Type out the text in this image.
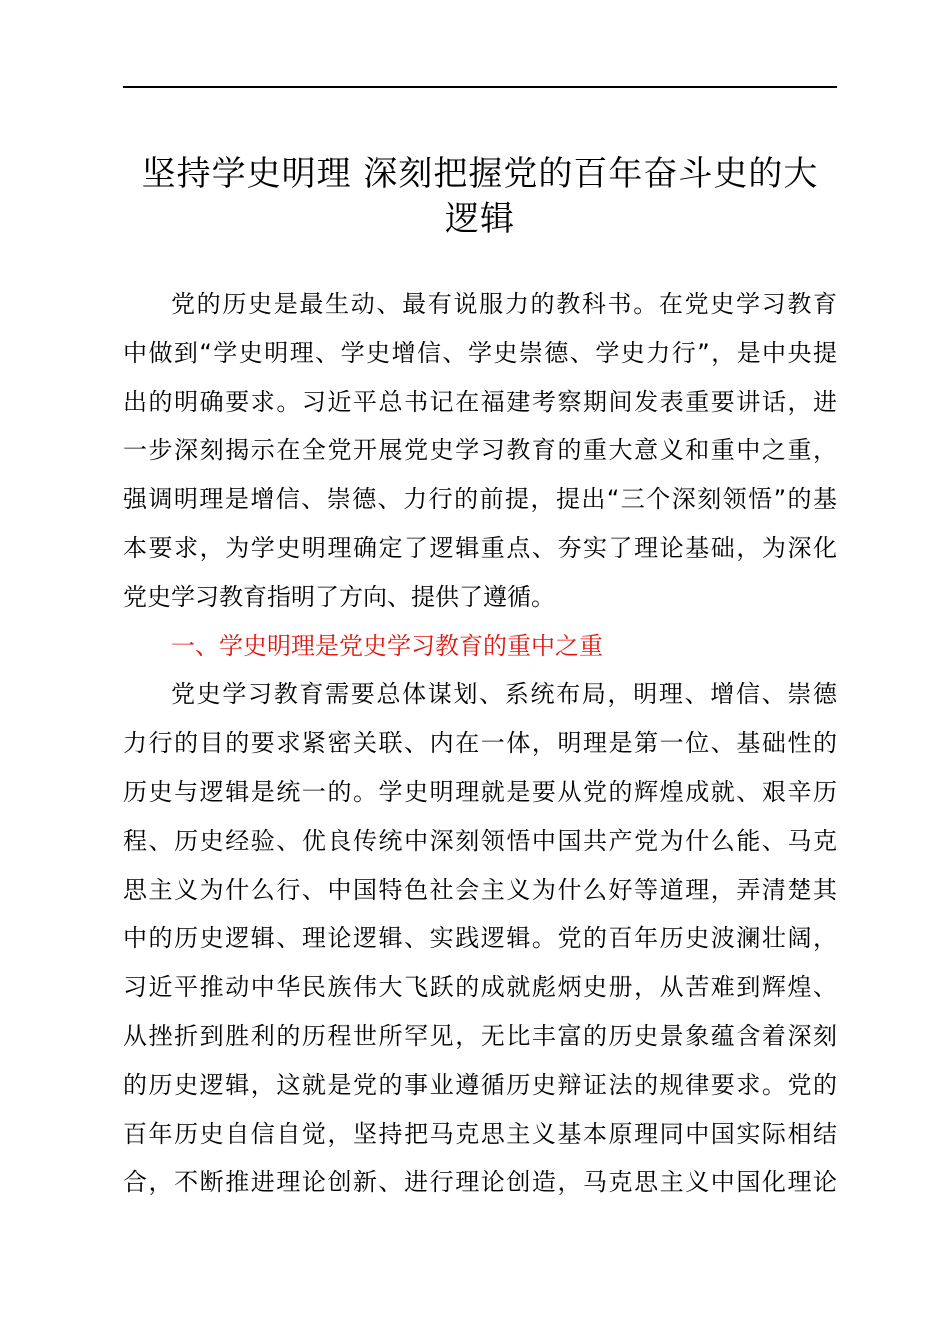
坚持学史明理 深刻把握党的百年奋斗史的大
逻辑
党的历史是最生动、最有说服力的教科书。在党史学习教育
中做到“学史明理、学史增信、学史崇德、学史力行”，是中央提
出的明确要求。习近平总书记在福建考察期间发表重要讲话，进
一步深刻揭示在全党开展党史学习教育的重大意义和重中之重，
强调明理是增信、崇德、力行的前提，提出“三个深刻领悟”的基
本要求，为学史明理确定了逻辑重点、夯实了理论基础，为深化
党史学习教育指明了方向、提供了遵循。
一、学史明理是党史学习教育的重中之重
党史学习教育需要总体谋划、系统布局，明理、增信、崇德
力行的目的要求紧密关联、内在一体，明理是第一位、基础性的
历史与逻辑是统一的。学史明理就是要从党的辉煌成就、艰辛历
程、历史经验、优良传统中深刻领悟中国共产党为什么能、马克
思主义为什么行、中国特色社会主义为什么好等道理，弄清楚其
中的历史逻辑、理论逻辑、实践逻辑。党的百年历史波澜壮阔，
习近平推动中华民族伟大飞跃的成就彪炳史册，从苦难到辉煌、
从挫折到胜利的历程世所罕见，无比丰富的历史景象蕴含着深刻
的历史逻辑，这就是党的事业遵循历史辩证法的规律要求。党的
百年历史自信自觉，坚持把马克思主义基本原理同中国实际相结
合，不断推进理论创新、进行理论创造，马克思主义中国化理论
